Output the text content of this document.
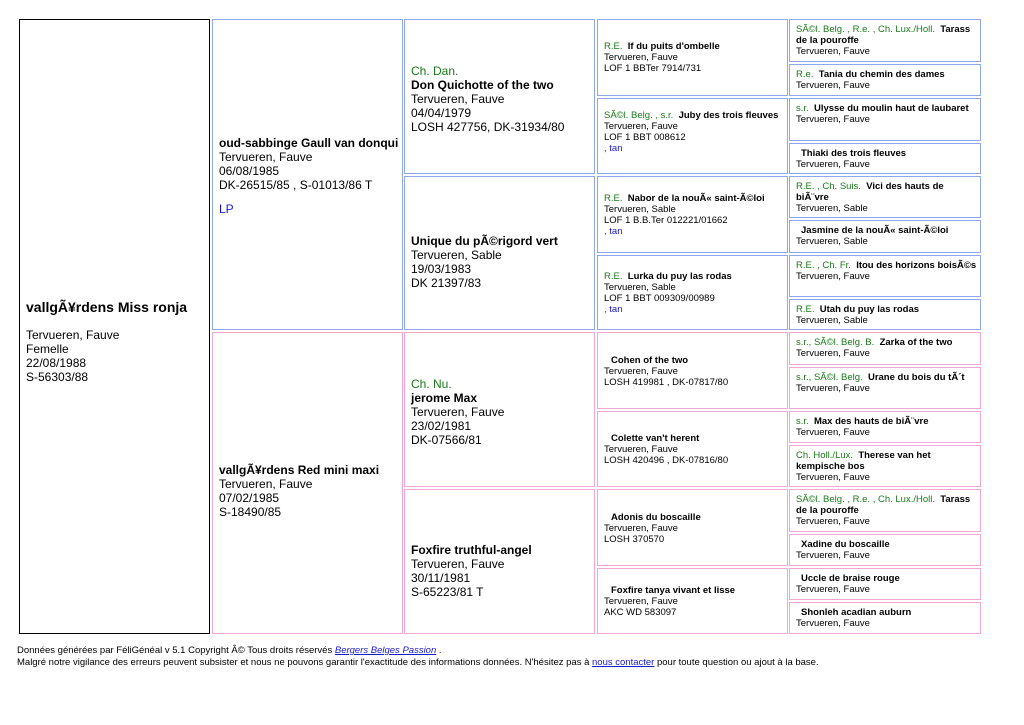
vallgÃ¥rdens Miss ronja
Tervueren, Fauve
Femelle
22/08/1988
S-56303/88
oud-sabbinge Gaull van donqui
Tervueren, Fauve
06/08/1985
DK-26515/85 , S-01013/86 T
LP
vallgÃ¥rdens Red mini maxi
Tervueren, Fauve
07/02/1985
S-18490/85
Ch. Dan.
Don Quichotte of the two
Tervueren, Fauve
04/04/1979
LOSH 427756, DK-31934/80
Unique du pÃ©rigord vert
Tervueren, Sable
19/03/1983
DK 21397/83
Ch. Nu.
jerome Max
Tervueren, Fauve
23/02/1981
DK-07566/81
Foxfire truthful-angel
Tervueren, Fauve
30/11/1981
S-65223/81 T
R.E. If du puits d'ombelle
Tervueren, Fauve
LOF 1 BBTer 7914/731
SÃ©l. Belg. , s.r. Juby des trois fleuves
Tervueren, Fauve
LOF 1 BBT 008612
, tan
R.E. Nabor de la nouÃ« saint-Ã©loi
Tervueren, Sable
LOF 1 B.B.Ter 012221/01662
, tan
R.E. Lurka du puy las rodas
Tervueren, Sable
LOF 1 BBT 009309/00989
, tan
Cohen of the two
Tervueren, Fauve
LOSH 419981 , DK-07817/80
Colette van't herent
Tervueren, Fauve
LOSH 420496 , DK-07816/80
Adonis du boscaille
Tervueren, Fauve
LOSH 370570
Foxfire tanya vivant et lisse
Tervueren, Fauve
AKC WD 583097
SÃ©l. Belg. , R.e. , Ch. Lux./Holl. Tarass de la pouroffe
Tervueren, Fauve
R.e. Tania du chemin des dames
Tervueren, Fauve
s.r. Ulysse du moulin haut de laubaret
Tervueren, Fauve
Thiaki des trois fleuves
Tervueren, Fauve
R.E. , Ch. Suis. Vici des hauts de biÃ¨vre
Tervueren, Sable
Jasmine de la nouÃ« saint-Ã©loi
Tervueren, Sable
R.E. , Ch. Fr. Itou des horizons boisÃ©s
Tervueren, Fauve
R.E. Utah du puy las rodas
Tervueren, Sable
s.r., SÃ©l. Belg. B. Zarka of the two
Tervueren, Fauve
s.r., SÃ©l. Belg. Urane du bois du tÃ´t
Tervueren, Fauve
s.r. Max des hauts de biÃ¨vre
Tervueren, Fauve
Ch. Holl./Lux. Therese van het kempische bos
Tervueren, Fauve
SÃ©l. Belg. , R.e. , Ch. Lux./Holl. Tarass de la pouroffe
Tervueren, Fauve
Xadine du boscaille
Tervueren, Fauve
Uccle de braise rouge
Tervueren, Fauve
Shonleh acadian auburn
Tervueren, Fauve
Données générées par FéliGénéal v 5.1 Copyright Â© Tous droits réservés Bergers Belges Passion .
Malgré notre vigilance des erreurs peuvent subsister et nous ne pouvons garantir l'exactitude des informations données. N'hésitez pas à nous contacter pour toute question ou ajout à la base.
